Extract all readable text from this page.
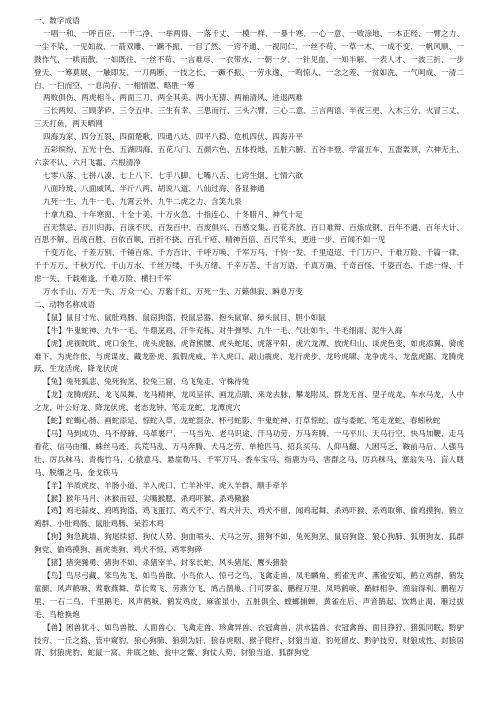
一、数字成语

一唱一和、一呼百应、一干二净、一举两得、一落千丈、一模一样、一暴十寒、一心一意、一败涂地、一本正经、一臂之力、一尘不染、一见如故、一箭双雕、一蹶不振、一目了然、一窍不通、一视同仁、一丝不苟、一草一木、一成不变、一帆风顺、一鼓作气、一哄而散、一如既往、一丝不苟、一言难尽、一衣带水、一朝一夕、一针见血、一知半解、一表人才、一波三折、一步登天、一筹莫展、一触即发、一刀两断、一技之长、一蹶不振、一劳永逸、一鸣惊人、一念之差、一贫如洗、一气呵成、一清二白、一扫而空、一息尚存、一相情愿、略胜一筹

两败俱伤、两虎相斗、两面三刀、两全其美、两小无猜、两袖清风、进退两难

三长两短、三顾茅庐、三令五申、三生有幸、三思而行、三头六臂、三心二意、三言两语、半夜三更、入木三分、火冒三丈、三天打鱼，两天晒网

四海为家、四分五裂、四面楚歌、四通八达、四平八稳、危机四伏、四海升平

五彩缤纷、五光十色、五湖四海、五花八门、五颜六色、五体投地、五脏六腑、五谷丰登、学富五车、五雷轰顶、六神无主、六亲不认、六月飞霜、六根清净

七零八落、七拼八凑、七上八下、七手八脚、七嘴八舌、七窍生烟、七情六欲

八面玲珑、八面威风、半斤八两、胡说八道、八仙过海、各显神通

九死一生、九牛一毛、九霄云外、九牛二虎之力、含笑九泉

十拿九稳、十年寒窗、十全十美、十万火急、十指连心、十冬腊月、神气十足

百无禁忌、百川归海、百读不厌、百发百中、百废俱兴、百感交集、百花齐放、百口难辩、百炼成钢、百年不遇、百年大计、百思不解、百战百胜、百依百顺、百折不挠、百孔千疮、精神百倍、百尺竿头，更进一步、百闻不如一见

千变万化、千差万别、千锤百炼、千方百计、千呼万唤、千军万马、千钧一发、千里迢迢、千门万户、千难万险、千篇一律、千千万万、千秋万代、千山万水、千丝万缕、千头万绪、千辛万苦、千言万语、千真万确、千奇百怪、千姿百态、千虑一得、千虑一失、千载难逢、千难万险、横扫千军

万水千山、万无一失、万众一心、万紫千红、万死一生、万籁俱寂、瞬息万变

二、动物名称成语

【鼠】鼠目寸光、鼠肚鸡肠、鼠窃狗盗、投鼠忌器、抱头鼠窜、獐头鼠目、胆小如鼠

【牛】牛鬼蛇神、九牛一毛、牛鼎烹鸡、汗牛充栋、对牛弹琴、九牛一毛、气壮如牛、牛毛细雨、泥牛入海

【虎】虎视眈眈、虎口余生、虎头虎脑、虎背熊腰、虎头蛇尾、虎落平阳、虎穴龙潭、放虎归山、谈虎色变、如虎添翼、骑虎难下、为虎作伥、与虎谋皮、藏龙卧虎、狐假虎威、羊入虎口、敲山震虎、龙行虎步、龙吟虎啸、龙争虎斗、龙盘虎踞、龙腾虎跃、生龙活虎、降龙伏虎

【兔】兔死狐悲、兔死狗烹、狡兔三窟、乌飞兔走、守株待兔

【龙】龙腾虎跃、龙飞凤舞、龙马精神、龙凤呈祥、画龙点睛、来龙去脉、攀龙附凤、群龙无首、望子成龙、车水马龙、人中之龙、叶公好龙、降龙伏虎、老态龙钟、笔走龙蛇、龙潭虎穴

【蛇】蛇蝎心肠、画蛇添足、惊蛇入草、龙蛇混杂、杯弓蛇影、牛鬼蛇神、打草惊蛇、虚与委蛇、笔走龙蛇、春蚓秋蛇

【马】马到成功、马不停蹄、马革裹尸、一马当先、老马识途、汗马功劳、万马奔腾、一马平川、天马行空、快马加鞭、走马看花、信马由缰、蛛丝马迹、兵荒马乱、万马奔腾、犬马之劳、单枪匹马、招兵买马、人仰马翻、人困马乏、鞍前马后、人强马壮、厉兵秣马、青梅竹马、心猿意马、悬崖勒马、千军万马、香车宝马、指鹿为马、害群之马、厉兵秣马、塞翁失马、盲人瞎马、脱缰之马、金戈铁马

【羊】羊质虎皮、羊肠小道、羊入虎口、亡羊补牢、虎入羊群、顺手牵羊

【猴】猴年马月、沐猴而冠、尖嘴猴腮、杀鸡吓猴、杀鸡儆猴

【鸡】鸡毛蒜皮、鸡鸣狗盗、鸡飞蛋打、鸡犬不宁、鸡犬升天、鸡犬不留、闻鸡起舞、杀鸡吓猴、杀鸡取卵、偷鸡摸狗、鹤立鸡群、小肚鸡肠、鼠肚鸡肠、呆若木鸡

【狗】狗急跳墙、狗尾续貂、狗仗人势、狗血喷头、犬马之劳、猪狗不如、兔死狗烹、鼠窃狗盗、狼心狗肺、狐朋狗友、狐群狗党、偷鸡摸狗、画虎类狗、鸡犬不惊、鸡零狗碎

【猪】猪突豨勇、猪狗不如、杀猪宰羊、封豕长蛇、风头猪尾、鹰头猪脸

【鸟】鸟尽弓藏、笨鸟先飞、如鸟兽散、小鸟依人、惊弓之鸟、飞禽走兽、凤毛麟角、鸦雀无声、燕雀安知、鹤立鸡群、鹤发童颜、风声鹤唳、莺歌燕舞、草长莺飞、劳燕分飞、鸠占鹊巢、门可罗雀、鹏程万里、凤鸣鹤唳、鹬蚌相争、渔翁得利、鹏程万里、一石二鸟、千里鹅毛、风声鹤唳、鹤发鸡皮、麻雀虽小，五脏俱全、螳螂捕蝉，黄雀在后、声音鹊起、饮鸩止渴、雁过拔毛、鸟枪换炮

【兽】困兽犹斗、如鸟兽散、人面兽心、飞禽走兽、珍禽异兽、衣冠禽兽、洪水猛兽、衣冠禽兽、面目狰狞、猪狐同眠、黔驴技穷、一丘之貉、管中窥豹、狼心狗肺、狼狈为奸、狼吞虎咽、猴子爬杆、豺狼当道、豹死留皮、黔驴技穷、财狼成性、封狼居胥、豺狼虎豹、蛇鼠一窝、井底之蛙、瓮中之鳖、狗仗人势、豺狼当道、狐群狗党
